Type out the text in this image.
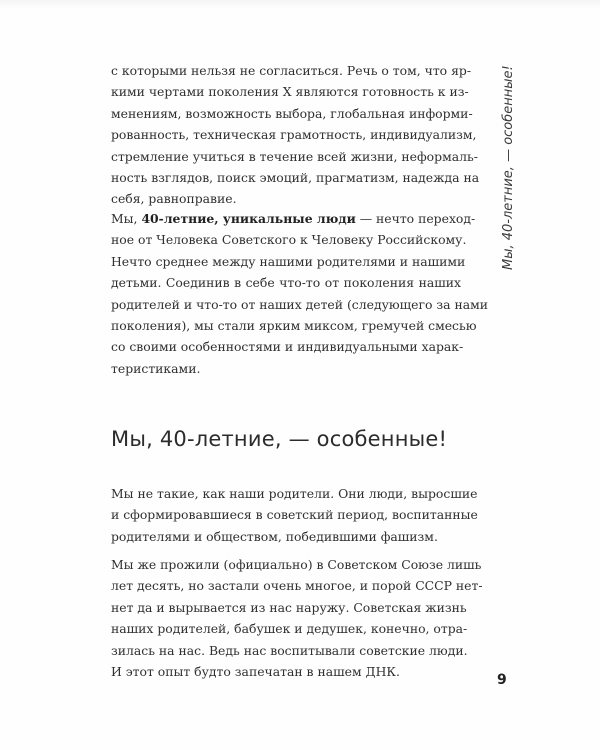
Мы, 40-летние, — особенные!

с которыми нельзя не согласиться. Речь о том, что яр-
кими чертами поколения X являются готовность к из-
менениям, возможность выбора, глобальная информи-
рованность, техническая грамотность, индивидуализм,
стремление учиться в течение всей жизни, неформаль-
ность взглядов, поиск эмоций, прагматизм, надежда на
себя, равноправие.

Мы, 40-летние, уникальные люди — нечто переход-
ное от Человека Советского к Человеку Российскому.
Нечто среднее между нашими родителями и нашими
детьми. Соединив в себе что-то от поколения наших
родителей и что-то от наших детей (следующего за нами
поколения), мы стали ярким миксом, гремучей смесью
со своими особенностями и индивидуальными харак-
теристиками.

Мы, 40-летние, — особенные!

Мы не такие, как наши родители. Они люди, выросшие
и сформировавшиеся в советский период, воспитанные
родителями и обществом, победившими фашизм.

Мы же прожили (официально) в Советском Союзе лишь
лет десять, но застали очень многое, и порой СССР нет-
нет да и вырывается из нас наружу. Советская жизнь
наших родителей, бабушек и дедушек, конечно, отра-
зилась на нас. Ведь нас воспитывали советские люди.
И этот опыт будто запечатан в нашем ДНК.

9
